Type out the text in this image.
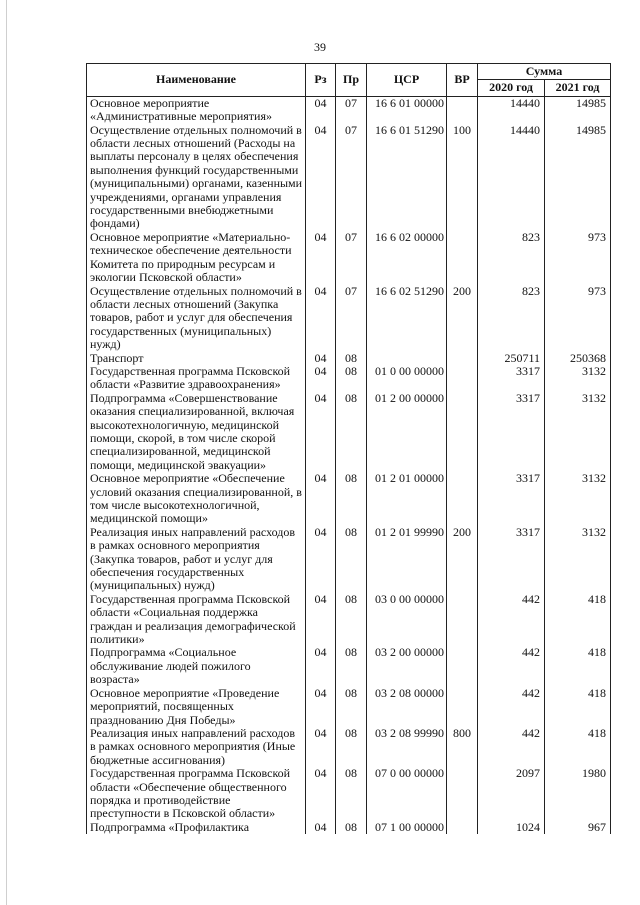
39
Наименование	Рз	Пр	ЦСР	ВР	Сумма	
					2020 год	2021 год
Основное мероприятие «Административные мероприятия»	04	07	16 6 01 00000		14440	14985
Осуществление отдельных полномочий в области лесных отношений (Расходы на выплаты персоналу в целях обеспечения выполнения функций государственными (муниципальными) органами, казенными учреждениями, органами управления государственными внебюджетными фондами)	04	07	16 6 01 51290	100	14440	14985
Основное мероприятие «Материально-техническое обеспечение деятельности Комитета по природным ресурсам и экологии Псковской области»	04	07	16 6 02 00000		823	973
Осуществление отдельных полномочий в области лесных отношений (Закупка товаров, работ и услуг для обеспечения государственных (муниципальных) нужд)	04	07	16 6 02 51290	200	823	973
Транспорт	04	08			250711	250368
Государственная программа Псковской области «Развитие здравоохранения»	04	08	01 0 00 00000		3317	3132
Подпрограмма «Совершенствование оказания специализированной, включая высокотехнологичную, медицинской помощи, скорой, в том числе скорой специализированной, медицинской помощи, медицинской эвакуации»	04	08	01 2 00 00000		3317	3132
Основное мероприятие «Обеспечение условий оказания специализированной, в том числе высокотехнологичной, медицинской помощи»	04	08	01 2 01 00000		3317	3132
Реализация иных направлений расходов в рамках основного мероприятия (Закупка товаров, работ и услуг для обеспечения государственных (муниципальных) нужд)	04	08	01 2 01 99990	200	3317	3132
Государственная программа Псковской области «Социальная поддержка граждан и реализация демографической политики»	04	08	03 0 00 00000		442	418
Подпрограмма «Социальное обслуживание людей пожилого возраста»	04	08	03 2 00 00000		442	418
Основное мероприятие «Проведение мероприятий, посвященных празднованию Дня Победы»	04	08	03 2 08 00000		442	418
Реализация иных направлений расходов в рамках основного мероприятия (Иные бюджетные ассигнования)	04	08	03 2 08 99990	800	442	418
Государственная программа Псковской области «Обеспечение общественного порядка и противодействие преступности в Псковской области»	04	08	07 0 00 00000		2097	1980
Подпрограмма «Профилактика	04	08	07 1 00 00000		1024	967
